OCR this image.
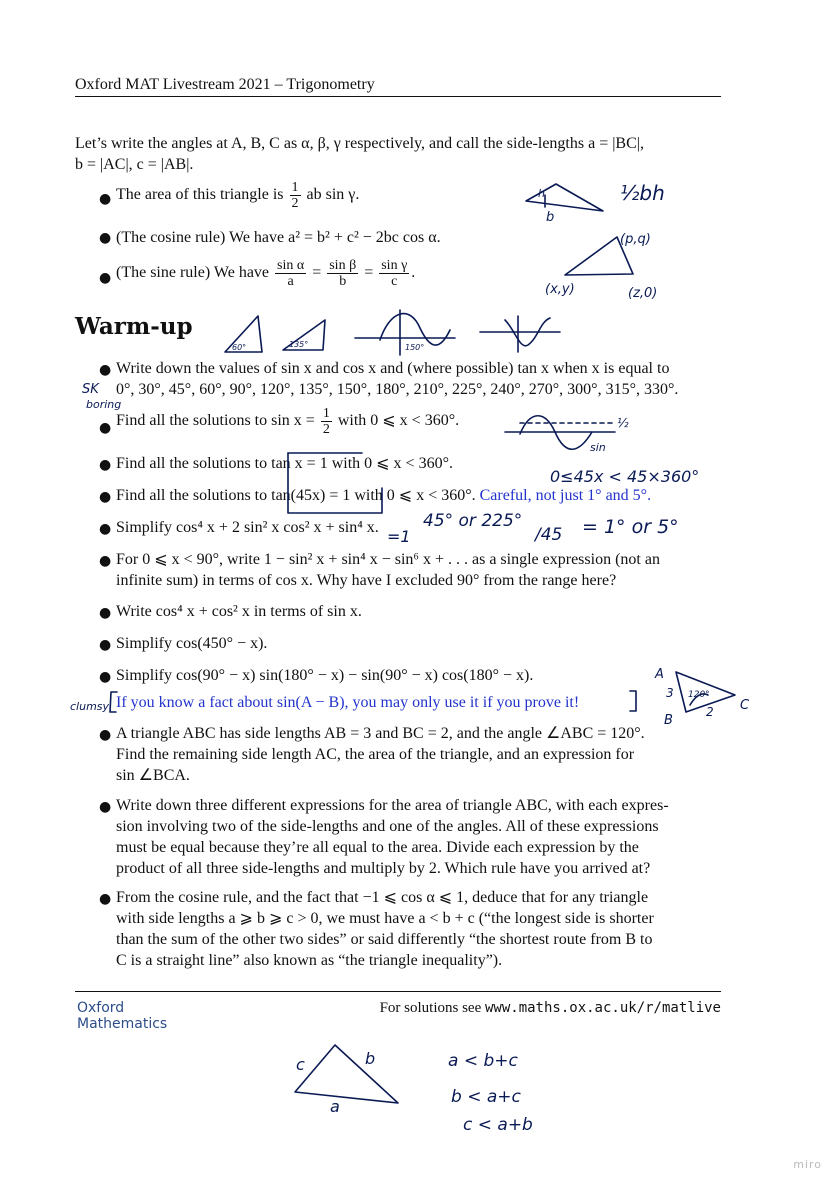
Oxford MAT Livestream 2021 – Trigonometry
Let’s write the angles at A, B, C as α, β, γ respectively, and call the side-lengths a = |BC|,
b = |AC|, c = |AB|.
● The area of this triangle is $\frac{1}{2}$ ab sin γ.
● (The cosine rule) We have a² = b² + c² − 2bc cos α.
● (The sine rule) We have $\frac{\text{sin α}}{a} = \frac{\text{sin β}}{b} = \frac{\text{sin γ}}{c}$ .
Warm-up
● Write down the values of sin x and cos x and (where possible) tan x when x is equal to
0°, 30°, 45°, 60°, 90°, 120°, 135°, 150°, 180°, 210°, 225°, 240°, 270°, 300°, 315°, 330°.
● Find all the solutions to $\sin x = \frac{1}{2}$ with 0 ⩽ x < 360°.
● Find all the solutions to tan x = 1 with 0 ⩽ x < 360°.
● Find all the solutions to tan(45x) = 1 with 0 ⩽ x < 360°. Careful, not just 1° and 5°.
● Simplify cos⁴ x + 2 sin² x cos² x + sin⁴ x.
● For 0 ⩽ x < 90°, write 1 − sin² x + sin⁴ x − sin⁶ x + . . . as a single expression (not an
infinite sum) in terms of cos x. Why have I excluded 90° from the range here?
● Write cos⁴ x + cos² x in terms of sin x.
● Simplify cos(450° − x).
● Simplify cos(90° − x) sin(180° − x) − sin(90° − x) cos(180° − x).
If you know a fact about sin(A − B), you may only use it if you prove it!
● A triangle ABC has side lengths AB = 3 and BC = 2, and the angle ∠ABC = 120°.
Find the remaining side length AC, the area of the triangle, and an expression for
sin ∠BCA.
● Write down three different expressions for the area of triangle ABC, with each expres-
sion involving two of the side-lengths and one of the angles. All of these expressions
must be equal because they’re all equal to the area. Divide each expression by the
product of all three side-lengths and multiply by 2. Which rule have you arrived at?
● From the cosine rule, and the fact that −1 ⩽ cos α ⩽ 1, deduce that for any triangle
with side lengths a ⩾ b ⩾ c > 0, we must have a < b + c (“the longest side is shorter
than the sum of the other two sides” or said differently “the shortest route from B to
C is a straight line” also known as “the triangle inequality”).
Oxford
Mathematics
For solutions see www.maths.ox.ac.uk/r/matlive
h
b
½bh
(p,q)
(x,y)	(z,0)
60°	135°	150°
SK
boring
½
sin
0≤45x < 45×360°
45° or 225°
/45 = 1° or 5°
=1
clumsy
A
B
C
3
2
120°
c	b
a
a < b+c
b < a+c
c < a+b
miro
